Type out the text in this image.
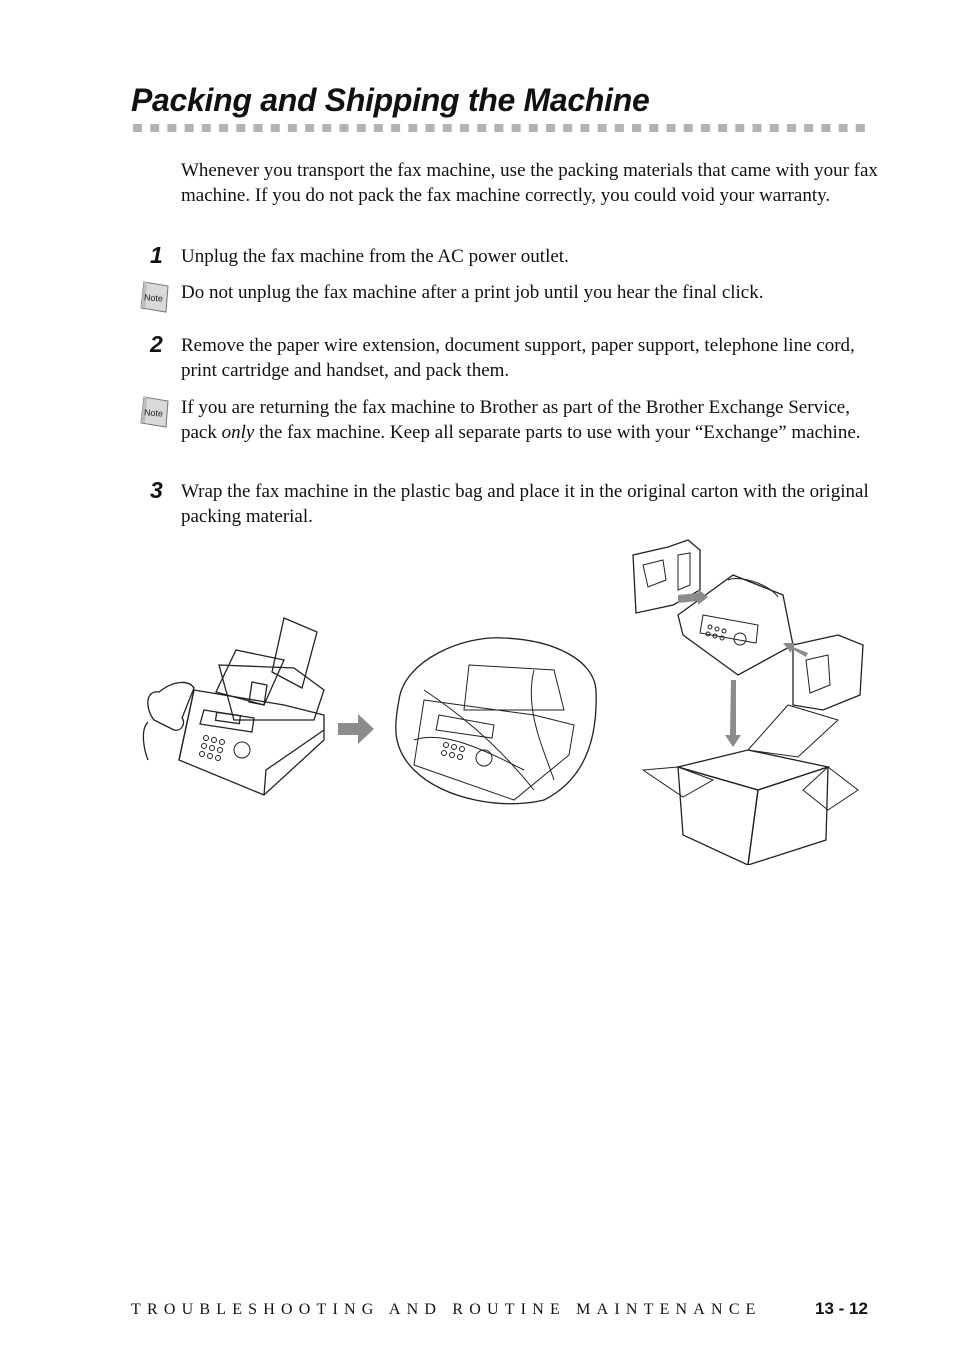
Packing and Shipping the Machine

Whenever you transport the fax machine, use the packing materials that came with your fax machine. If you do not pack the fax machine correctly, you could void your warranty.

1 Unplug the fax machine from the AC power outlet.
Note Do not unplug the fax machine after a print job until you hear the final click.
2 Remove the paper wire extension, document support, paper support, telephone line cord, print cartridge and handset, and pack them.
Note If you are returning the fax machine to Brother as part of the Brother Exchange Service, pack only the fax machine. Keep all separate parts to use with your “Exchange” machine.
3 Wrap the fax machine in the plastic bag and place it in the original carton with the original packing material.
TROUBLESHOOTING AND ROUTINE MAINTENANCE	13 - 12
